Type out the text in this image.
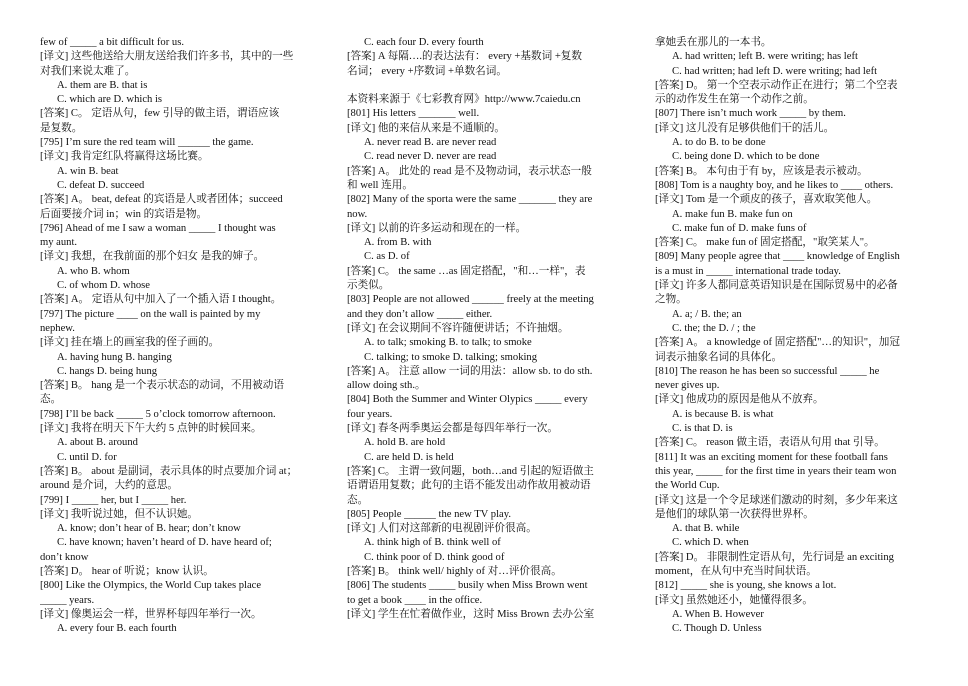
few of _____ a bit difficult for us.
[译文] 这些他送给大朋友送给我们许多书，其中的一些
对我们来说太难了。
A. them are B. that is
C. which are D. which is
[答案] C。 定语从句，few 引导的做主语，谓语应该
是复数。
[795] I’m sure the red team will ______ the game.
[译文] 我肯定红队将赢得这场比赛。
A. win B. beat
C. defeat D. succeed
[答案] A。 beat, defeat 的宾语是人或者团体；succeed
后面要接介词 in；win 的宾语是物。
[796] Ahead of me I saw a woman _____ I thought was
my aunt.
[译文] 我想，在我前面的那个妇女 是我的婶子。
A. who B. whom
C. of whom D. whose
[答案] A。 定语从句中加入了一个插入语 I thought。
[797] The picture ____ on the wall is painted by my
nephew.
[译文] 挂在墙上的画室我的侄子画的。
A. having hung B. hanging
C. hangs D. being hung
[答案] B。 hang 是一个表示状态的动词，不用被动语
态。
[798] I’ll be back _____ 5 o’clock tomorrow afternoon.
[译文] 我将在明天下午大约 5 点钟的时候回来。
A. about B. around
C. until D. for
[答案] B。 about 是副词，表示具体的时点要加介词 at；
around 是介词，大约的意思。
[799] I _____ her, but I _____ her.
[译文] 我听说过她，但不认识她。
A. know; don’t hear of B. hear; don’t know
C. have known; haven’t heard of D. have heard of;
don’t know
[答案] D。 hear of 听说；know 认识。
[800] Like the Olympics, the World Cup takes place
_____ years.
[译文] 像奥运会一样，世界杯每四年举行一次。
A. every four B. each fourth
C. each four D. every fourth
[答案] A 每隔….的表达法有： every +基数词 +复数
名词； every +序数词 +单数名词。

本资料来源于《七彩教育网》http://www.7caiedu.cn
[801] His letters _______ well.
[译文] 他的来信从来是不通顺的。
A. never read B. are never read
C. read never D. never are read
[答案] A。 此处的 read 是不及物动词，表示状态一般
和 well 连用。
[802] Many of the sporta were the same _______ they are
now.
[译文] 以前的许多运动和现在的一样。
A. from B. with
C. as D. of
[答案] C。 the same …as 固定搭配，"和…一样"，表
示类似。
[803] People are not allowed ______ freely at the meeting
and they don’t allow _____ either.
[译文] 在会议期间不容许随便讲话；不许抽烟。
A. to talk; smoking B. to talk; to smoke
C. talking; to smoke D. talking; smoking
[答案] A。 注意 allow 一词的用法：allow sb. to do sth.
allow doing sth.。
[804] Both the Summer and Winter Olypics _____ every
four years.
[译文] 春冬两季奥运会都是每四年举行一次。
A. hold B. are hold
C. are held D. is held
[答案] C。 主谓一致问题，both…and 引起的短语做主
语谓语用复数；此句的主语不能发出动作故用被动语
态。
[805] People ______ the new TV play.
[译文] 人们对这部新的电视剧评价很高。
A. think high of B. think well of
C. think poor of D. think good of
[答案] B。 think well/ highly of 对…评价很高。
[806] The students _____ busily when Miss Brown went
to get a book ____ in the office.
[译文] 学生在忙着做作业，这时 Miss Brown 去办公室
拿她丢在那儿的一本书。
A. had written; left B. were writing; has left
C. had written; had left D. were writing; had left
[答案] D。 第一个空表示动作正在进行；第二个空表
示的动作发生在第一个动作之前。
[807] There isn’t much work _____ by them.
[译文] 这儿没有足够供他们干的活儿。
A. to do B. to be done
C. being done D. which to be done
[答案] B。 本句由于有 by，应该是表示被动。
[808] Tom is a naughty boy, and he likes to ____ others.
[译文] Tom 是一个顽皮的孩子，喜欢取笑他人。
A. make fun B. make fun on
C. make fun of D. make funs of
[答案] C。 make fun of 固定搭配，"取笑某人"。
[809] Many people agree that ____ knowledge of English
is a must in _____ international trade today.
[译文] 许多人都同意英语知识是在国际贸易中的必备
之物。
A. a; / B. the; an
C. the; the D. / ; the
[答案] A。 a knowledge of 固定搭配"…的知识"，加冠
词表示抽象名词的具体化。
[810] The reason he has been so successful _____ he
never gives up.
[译文] 他成功的原因是他从不放弃。
A. is because B. is what
C. is that D. is
[答案] C。 reason 做主语，表语从句用 that 引导。
[811] It was an exciting moment for these football fans
this year, _____ for the first time in years their team won
the World Cup.
[译文] 这是一个令足球迷们激动的时刻，多少年来这
是他们的球队第一次获得世界杯。
A. that B. while
C. which D. when
[答案] D。 非限制性定语从句，先行词是 an exciting
moment，在从句中充当时间状语。
[812] _____ she is young, she knows a lot.
[译文] 虽然她还小，她懂得很多。
A. When B. However
C. Though D. Unless
